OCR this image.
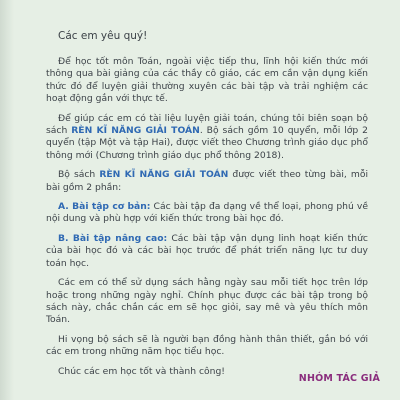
Các em yêu quý!

Để học tốt môn Toán, ngoài việc tiếp thu, lĩnh hội kiến thức mới thông qua bài giảng của các thầy cô giáo, các em cần vận dụng kiến thức đó để luyện giải thường xuyên các bài tập và trải nghiệm các hoạt động gắn với thực tế.

Để giúp các em có tài liệu luyện giải toán, chúng tôi biên soạn bộ sách RÈN KĨ NĂNG GIẢI TOÁN. Bộ sách gồm 10 quyển, mỗi lớp 2 quyển (tập Một và tập Hai), được viết theo Chương trình giáo dục phổ thông mới (Chương trình giáo dục phổ thông 2018).

Bộ sách RÈN KĨ NĂNG GIẢI TOÁN được viết theo từng bài, mỗi bài gồm 2 phần:

A. Bài tập cơ bản: Các bài tập đa dạng về thể loại, phong phú về nội dung và phù hợp với kiến thức trong bài học đó.

B. Bài tập nâng cao: Các bài tập vận dụng linh hoạt kiến thức của bài học đó và các bài học trước để phát triển năng lực tư duy toán học.

Các em có thể sử dụng sách hằng ngày sau mỗi tiết học trên lớp hoặc trong những ngày nghỉ. Chính phục được các bài tập trong bộ sách này, chắc chắn các em sẽ học giỏi, say mê và yêu thích môn Toán.

Hi vọng bộ sách sẽ là người bạn đồng hành thân thiết, gắn bó với các em trong những năm học tiểu học.

Chúc các em học tốt và thành công!
NHÓM TÁC GIẢ
